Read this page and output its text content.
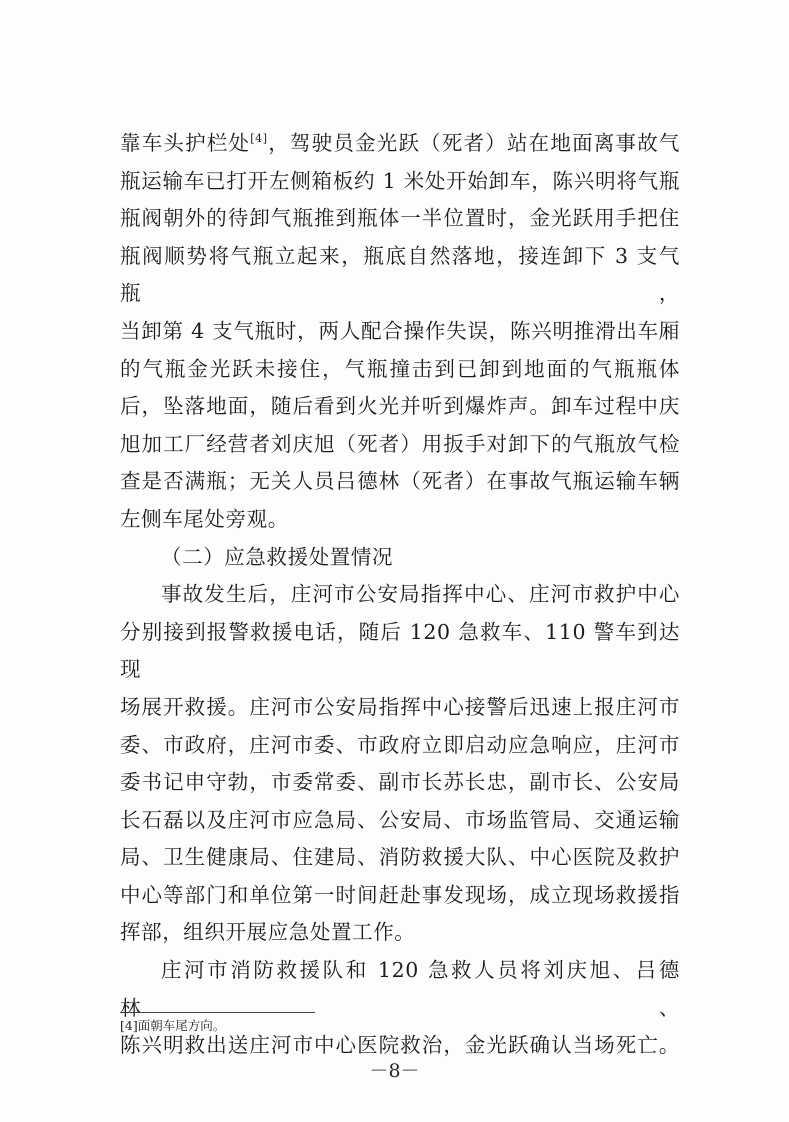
靠车头护栏处[4]，驾驶员金光跃（死者）站在地面离事故气

瓶运输车已打开左侧箱板约 1 米处开始卸车，陈兴明将气瓶

瓶阀朝外的待卸气瓶推到瓶体一半位置时，金光跃用手把住

瓶阀顺势将气瓶立起来，瓶底自然落地，接连卸下 3 支气瓶，

当卸第 4 支气瓶时，两人配合操作失误，陈兴明推滑出车厢

的气瓶金光跃未接住，气瓶撞击到已卸到地面的气瓶瓶体

后，坠落地面，随后看到火光并听到爆炸声。卸车过程中庆

旭加工厂经营者刘庆旭（死者）用扳手对卸下的气瓶放气检

查是否满瓶；无关人员吕德林（死者）在事故气瓶运输车辆

左侧车尾处旁观。

（二）应急救援处置情况

事故发生后，庄河市公安局指挥中心、庄河市救护中心

分别接到报警救援电话，随后 120 急救车、110 警车到达现

场展开救援。庄河市公安局指挥中心接警后迅速上报庄河市

委、市政府，庄河市委、市政府立即启动应急响应，庄河市

委书记申守勃，市委常委、副市长苏长忠，副市长、公安局

长石磊以及庄河市应急局、公安局、市场监管局、交通运输

局、卫生健康局、住建局、消防救援大队、中心医院及救护

中心等部门和单位第一时间赶赴事发现场，成立现场救援指

挥部，组织开展应急处置工作。

庄河市消防救援队和 120 急救人员将刘庆旭、吕德林、

陈兴明救出送庄河市中心医院救治，金光跃确认当场死亡。

[4]面朝车尾方向。
－8－
